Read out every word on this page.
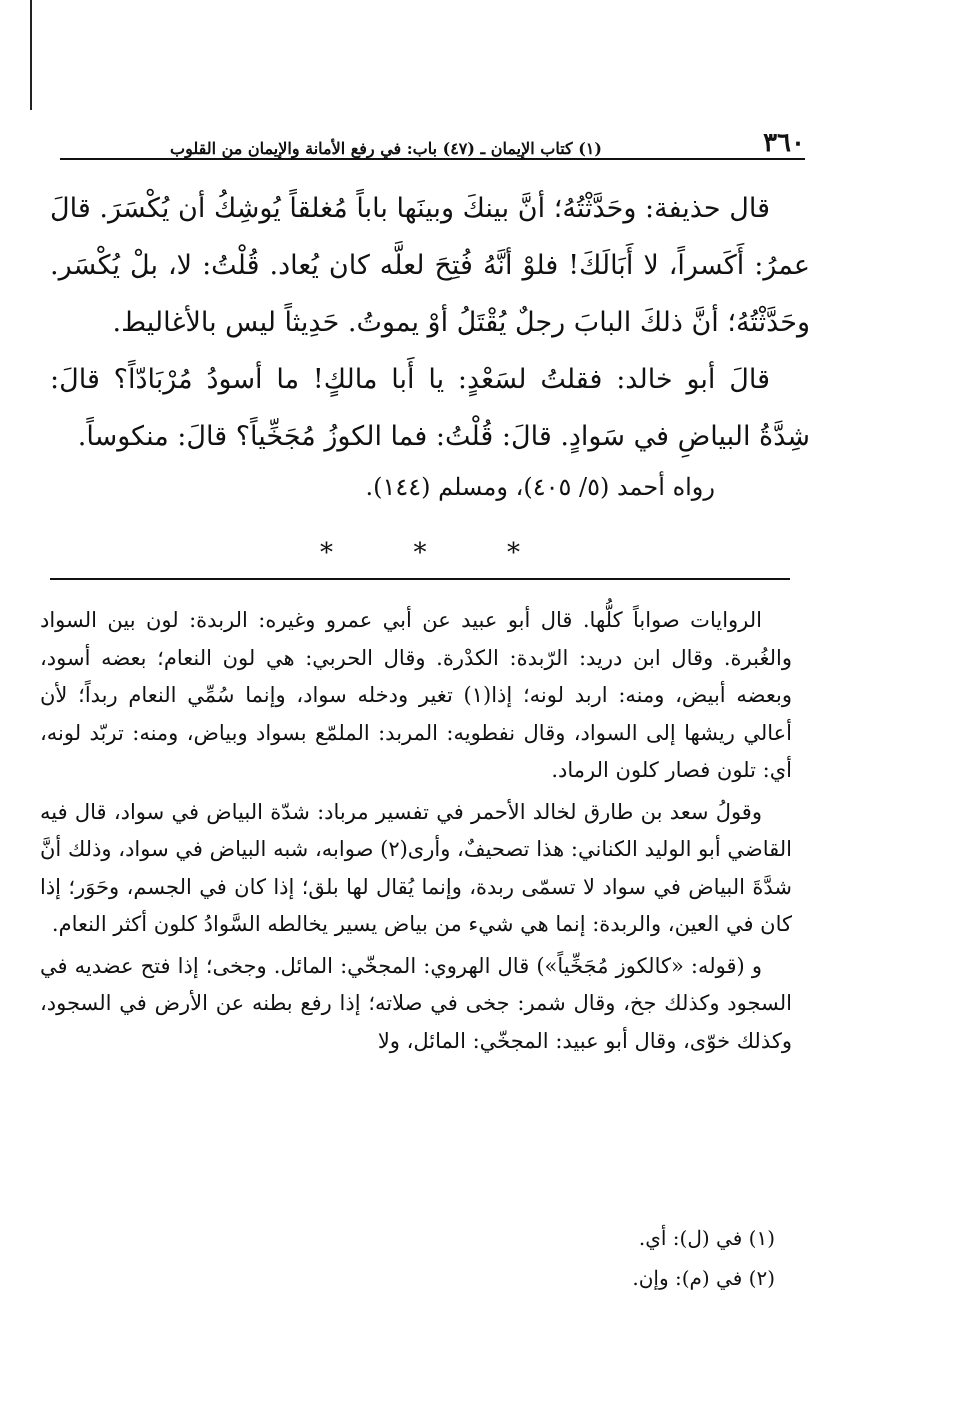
٣٦٠
(١) كتاب الإيمان ـ (٤٧) باب: في رفع الأمانة والإيمان من القلوب

قال حذيفة: وحَدَّثْتُهُ؛ أنَّ بينكَ وبينَها باباً مُغلقاً يُوشِكُ أن يُكْسَرَ. قالَ عمرُ: أَكَسراً، لا أَبَالَكَ! فلوْ أنَّهُ فُتِحَ لعلَّه كان يُعاد. قُلْتُ: لا، بلْ يُكْسَر. وحَدَّثْتُهُ؛ أنَّ ذلكَ البابَ رجلٌ يُقْتَلُ أوْ يموتُ. حَدِيثاً ليس بالأغاليط.

قالَ أبو خالد: فقلتُ لسَعْدٍ: يا أَبا مالكٍ! ما أسودُ مُرْبَادّاً؟ قالَ: شِدَّةُ البياضِ في سَوادٍ. قالَ: قُلْتُ: فما الكوزُ مُجَخِّياً؟ قالَ: منكوساً.

رواه أحمد (٥/ ٤٠٥)، ومسلم (١٤٤).

*
*
*

الروايات صواباً كلُّها. قال أبو عبيد عن أبي عمرو وغيره: الربدة: لون بين السواد والغُبرة. وقال ابن دريد: الرّبدة: الكدْرة. وقال الحربي: هي لون النعام؛ بعضه أسود، وبعضه أبيض، ومنه: اربد لونه؛ إذا(١) تغير ودخله سواد، وإنما سُمِّي النعام ربداً؛ لأن أعالي ريشها إلى السواد، وقال نفطويه: المربد: الملمّع بسواد وبياض، ومنه: تربّد لونه، أي: تلون فصار كلون الرماد.

وقولُ سعد بن طارق لخالد الأحمر في تفسير مرباد: شدّة البياض في سواد، قال فيه القاضي أبو الوليد الكناني: هذا تصحيفٌ، وأرى(٢) صوابه، شبه البياض في سواد، وذلك أنَّ شدَّةَ البياض في سواد لا تسمّى ربدة، وإنما يُقال لها بلق؛ إذا كان في الجسم، وحَوَر؛ إذا كان في العين، والربدة: إنما هي شيء من بياض يسير يخالطه السَّوادُ كلون أكثر النعام.

و (قوله: «كالكوز مُجَخِّياً») قال الهروي: المجخّي: المائل. وجخى؛ إذا فتح عضديه في السجود وكذلك جخ، وقال شمر: جخى في صلاته؛ إذا رفع بطنه عن الأرض في السجود، وكذلك خوّى، وقال أبو عبيد: المجخّي: المائل، ولا

(١) في (ل): أي.
(٢) في (م): وإن.
